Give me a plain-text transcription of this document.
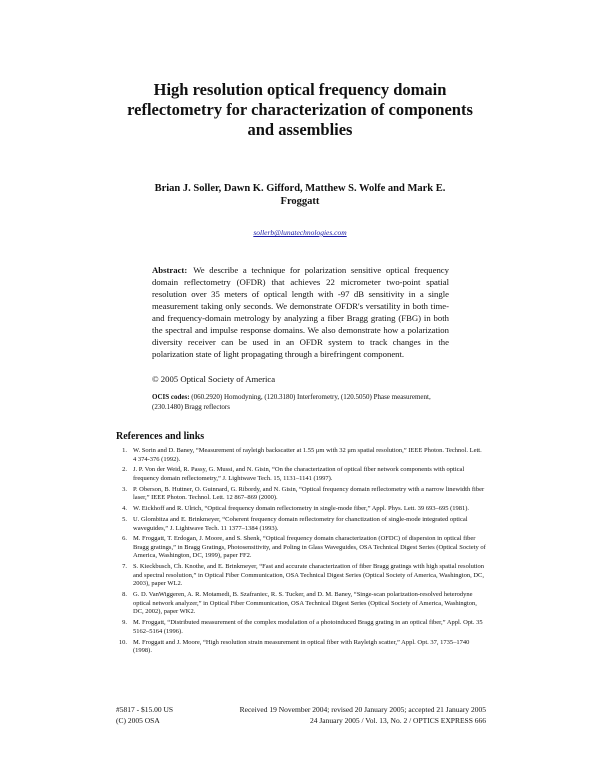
High resolution optical frequency domain reflectometry for characterization of components and assemblies

Brian J. Soller, Dawn K. Gifford, Matthew S. Wolfe and Mark E. Froggatt

sollerb@lunatechnologies.com

Abstract: We describe a technique for polarization sensitive optical frequency domain reflectometry (OFDR) that achieves 22 micrometer two-point spatial resolution over 35 meters of optical length with -97 dB sensitivity in a single measurement taking only seconds. We demonstrate OFDR's versatility in both time- and frequency-domain metrology by analyzing a fiber Bragg grating (FBG) in both the spectral and impulse response domains. We also demonstrate how a polarization diversity receiver can be used in an OFDR system to track changes in the polarization state of light propagating through a birefringent component.

© 2005 Optical Society of America

OCIS codes: (060.2920) Homodyning, (120.3180) Interferometry, (120.5050) Phase measurement, (230.1480) Bragg reflectors

References and links
1. W. Sorin and D. Baney, “Measurement of rayleigh backscatter at 1.55 μm with 32 μm spatial resolution,” IEEE Photon. Technol. Lett. 4 374-376 (1992).
2. J. P. Von der Weid, R. Passy, G. Mussi, and N. Gisin, “On the characterization of optical fiber network components with optical frequency domain reflectometry,” J. Lightwave Tech. 15, 1131–1141 (1997).
3. P. Oberson, B. Huttner, O. Guinnard, G. Ribordy, and N. Gisin, “Optical frequency domain reflectometry with a narrow linewidth fiber laser,” IEEE Photon. Technol. Lett. 12 867–869 (2000).
4. W. Eickhoff and R. Ulrich, “Optical frequency domain reflectometry in single-mode fiber,” Appl. Phys. Lett. 39 693–695 (1981).
5. U. Glombitza and E. Brinkmeyer, “Coherent frequency domain reflectometry for chanctization of single-mode integrated optical waveguides,” J. Lightwave Tech. 11 1377–1384 (1993).
6. M. Froggatt, T. Erdogan, J. Moore, and S. Shenk, “Optical frequency domain characterization (OFDC) of dispersion in optical fiber Bragg gratings,” in Bragg Gratings, Photosensitivity, and Poling in Glass Waveguides, OSA Technical Digest Series (Optical Society of America, Washington, DC, 1999), paper FF2.
7. S. Kieckbusch, Ch. Knothe, and E. Brinkmeyer, “Fast and accurate characterization of fiber Bragg gratings with high spatial resolution and spectral resolution,” in Optical Fiber Communication, OSA Technical Digest Series (Optical Society of America, Washington, DC, 2003), paper WL2.
8. G. D. VanWiggeren, A. R. Motamedi, B. Szafraniec, R. S. Tucker, and D. M. Baney, “Singe-scan polarization-resolved heterodyne optical network analyzer,” in Optical Fiber Communication, OSA Technical Digest Series (Optical Society of America, Washington, DC, 2002), paper WK2.
9. M. Froggatt, “Distributed measurement of the complex modulation of a photoinduced Bragg grating in an optical fiber,” Appl. Opt. 35 5162–5164 (1996).
10. M. Froggatt and J. Moore, “High resolution strain measurement in optical fiber with Rayleigh scatter,” Appl. Opt. 37, 1735–1740 (1998).
#5817 - $15.00 US
(C) 2005 OSA
Received 19 November 2004; revised 20 January 2005; accepted 21 January 2005
24 January 2005 / Vol. 13, No. 2 / OPTICS EXPRESS 666
